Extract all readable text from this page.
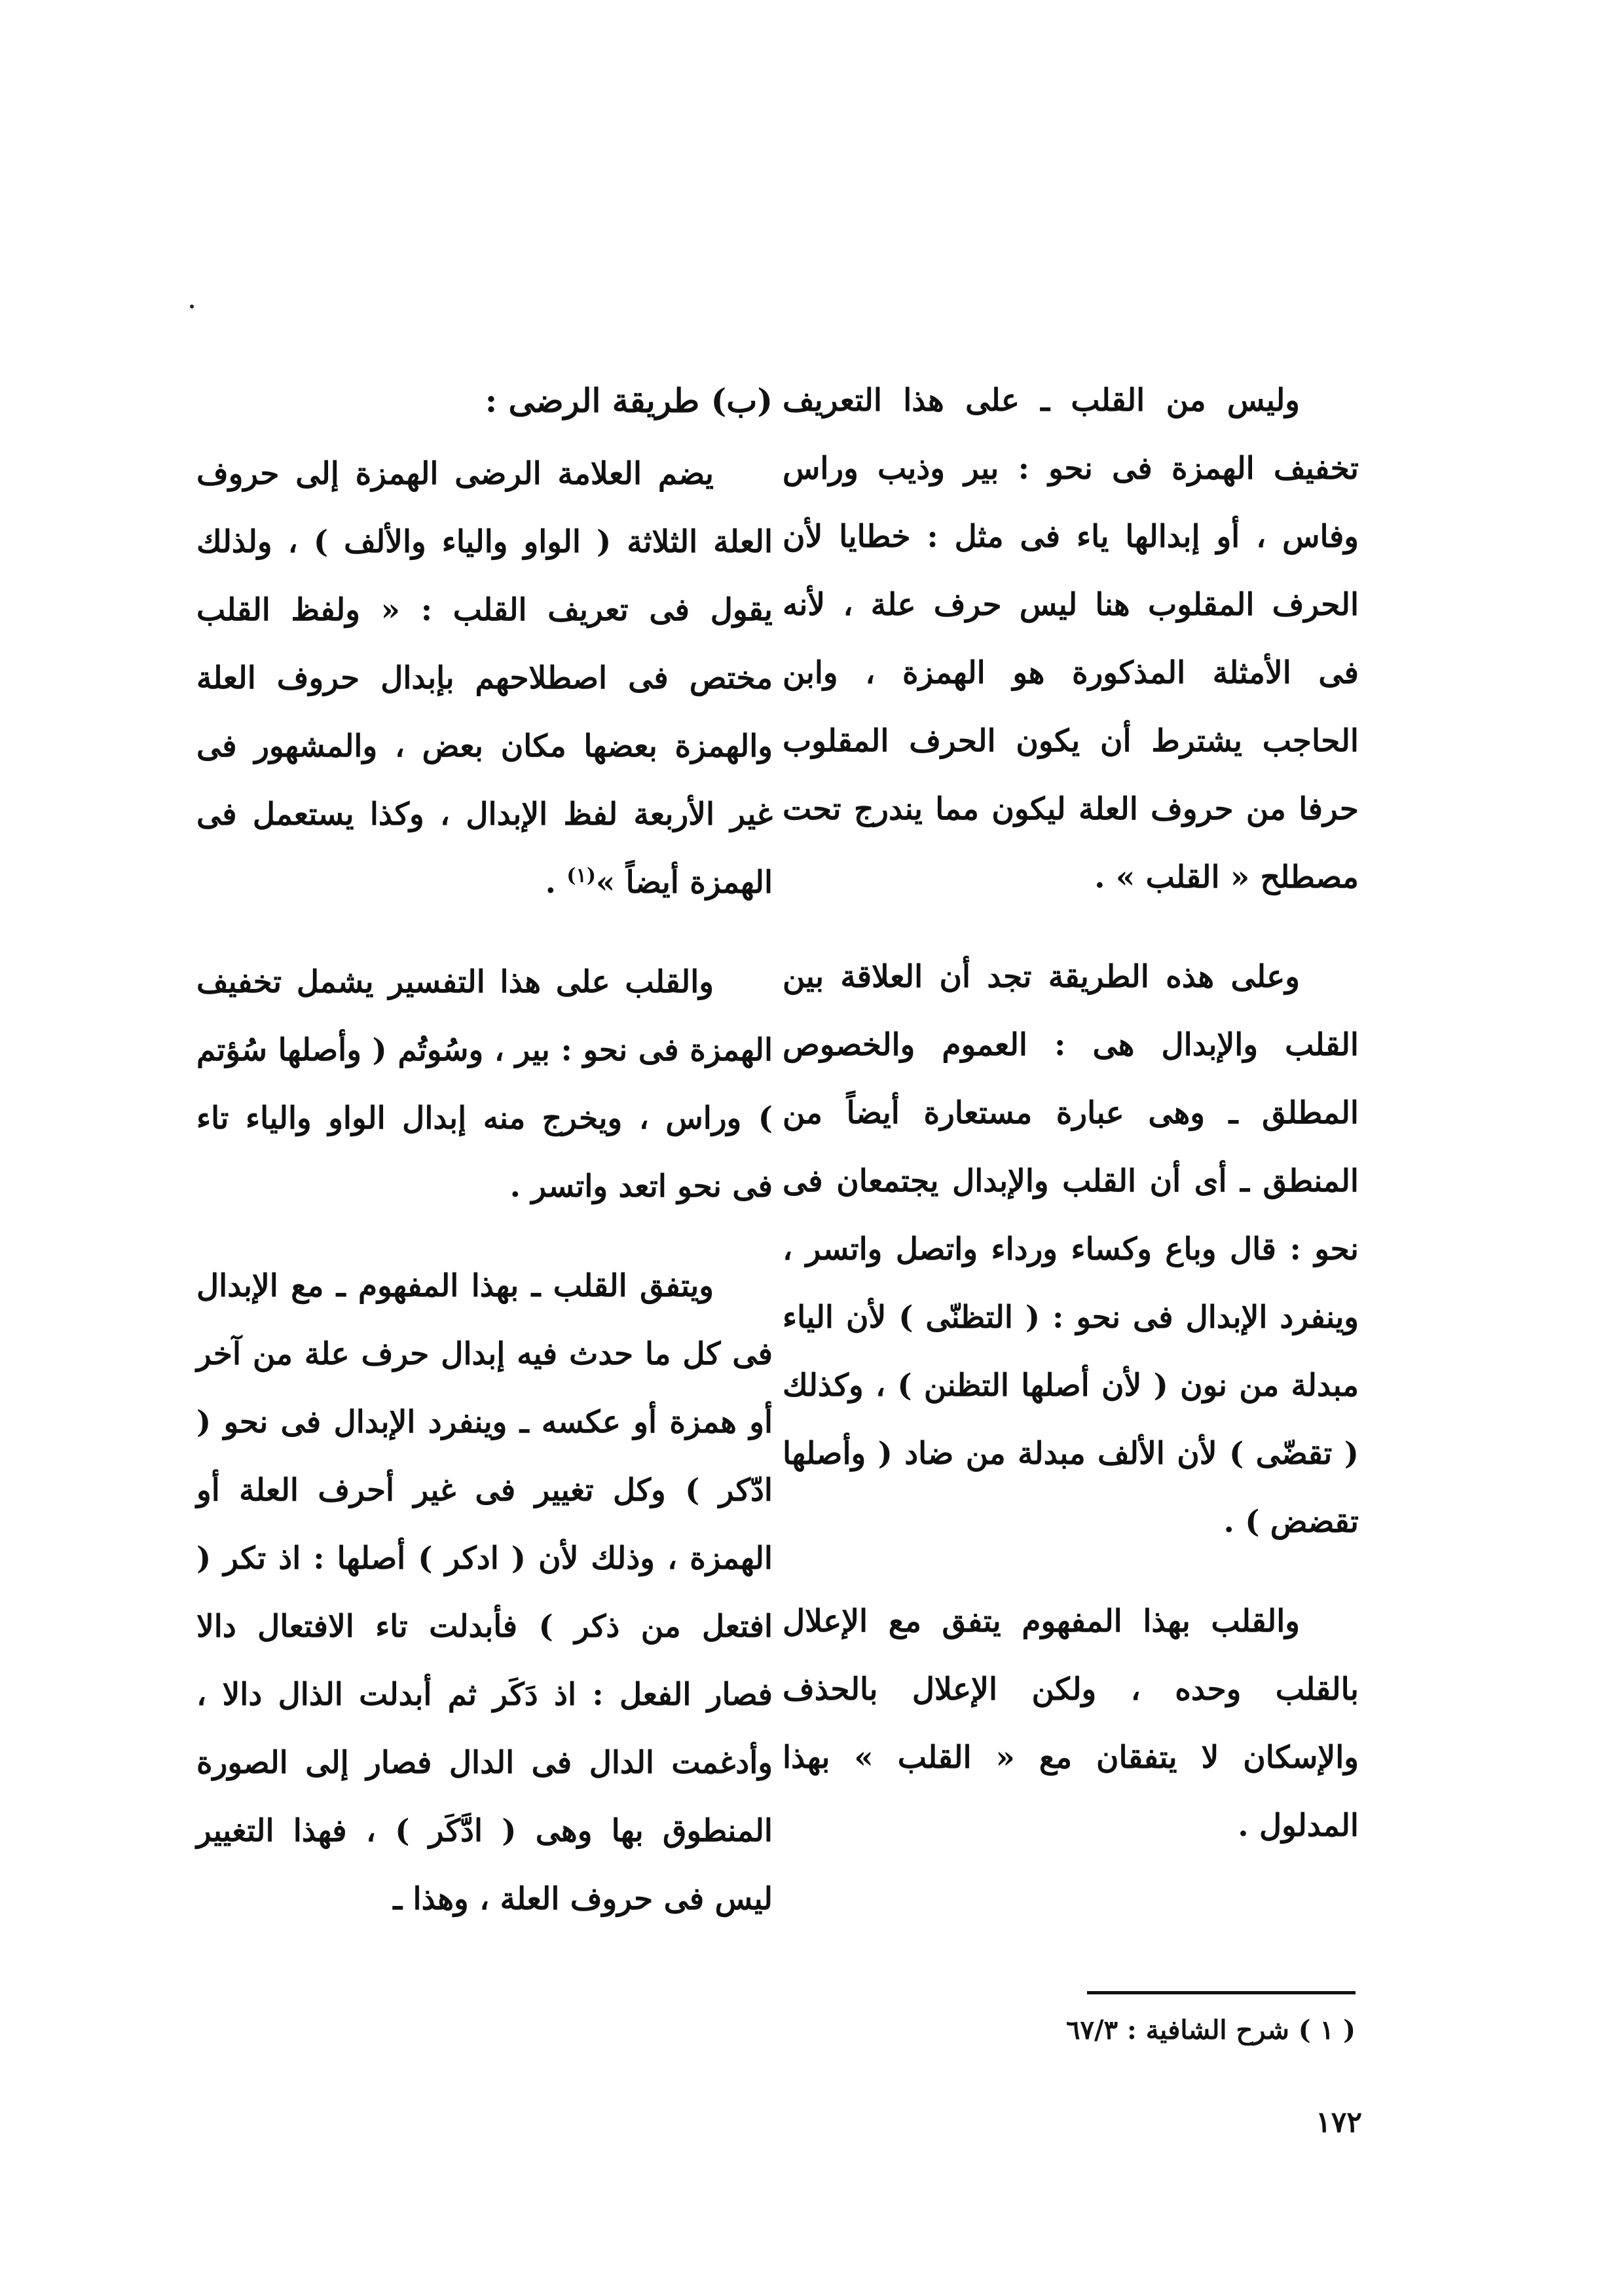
وليس من القلب ـ على هذا التعريف تخفيف الهمزة فى نحو : بير وذيب وراس وفاس ، أو إبدالها ياء فى مثل : خطايا لأن الحرف المقلوب هنا ليس حرف علة ، لأنه فى الأمثلة المذكورة هو الهمزة ، وابن الحاجب يشترط أن يكون الحرف المقلوب حرفا من حروف العلة ليكون مما يندرج تحت مصطلح « القلب » .

وعلى هذه الطريقة تجد أن العلاقة بين القلب والإبدال هى : العموم والخصوص المطلق ـ وهى عبارة مستعارة أيضاً من المنطق ـ أى أن القلب والإبدال يجتمعان فى نحو : قال وباع وكساء ورداء واتصل واتسر ، وينفرد الإبدال فى نحو : ( التظنّى ) لأن الياء مبدلة من نون ( لأن أصلها التظنن ) ، وكذلك ( تقضّى ) لأن الألف مبدلة من ضاد ( وأصلها تقضض ) .

والقلب بهذا المفهوم يتفق مع الإعلال بالقلب وحده ، ولكن الإعلال بالحذف والإسكان لا يتفقان مع « القلب » بهذا المدلول .

(ب) طريقة الرضى :

يضم العلامة الرضى الهمزة إلى حروف العلة الثلاثة ( الواو والياء والألف ) ، ولذلك يقول فى تعريف القلب : « ولفظ القلب مختص فى اصطلاحهم بإبدال حروف العلة والهمزة بعضها مكان بعض ، والمشهور فى غير الأربعة لفظ الإبدال ، وكذا يستعمل فى الهمزة أيضاً »$^{(١)}$ .

والقلب على هذا التفسير يشمل تخفيف الهمزة فى نحو : بير ، وسُوتُم ( وأصلها سُؤتم ) وراس ، ويخرج منه إبدال الواو والياء تاء فى نحو اتعد واتسر .

ويتفق القلب ـ بهذا المفهوم ـ مع الإبدال فى كل ما حدث فيه إبدال حرف علة من آخر أو همزة أو عكسه ـ وينفرد الإبدال فى نحو ( ادّكر ) وكل تغيير فى غير أحرف العلة أو الهمزة ، وذلك لأن ( ادكر ) أصلها : اذ تكر ( افتعل من ذكر ) فأبدلت تاء الافتعال دالا فصار الفعل : اذ دَكَر ثم أبدلت الذال دالا ، وأدغمت الدال فى الدال فصار إلى الصورة المنطوق بها وهى ( ادَّكَر ) ، فهذا التغيير ليس فى حروف العلة ، وهذا ـ

( ١ ) شرح الشافية : ٦٧/٣
١٧٢
